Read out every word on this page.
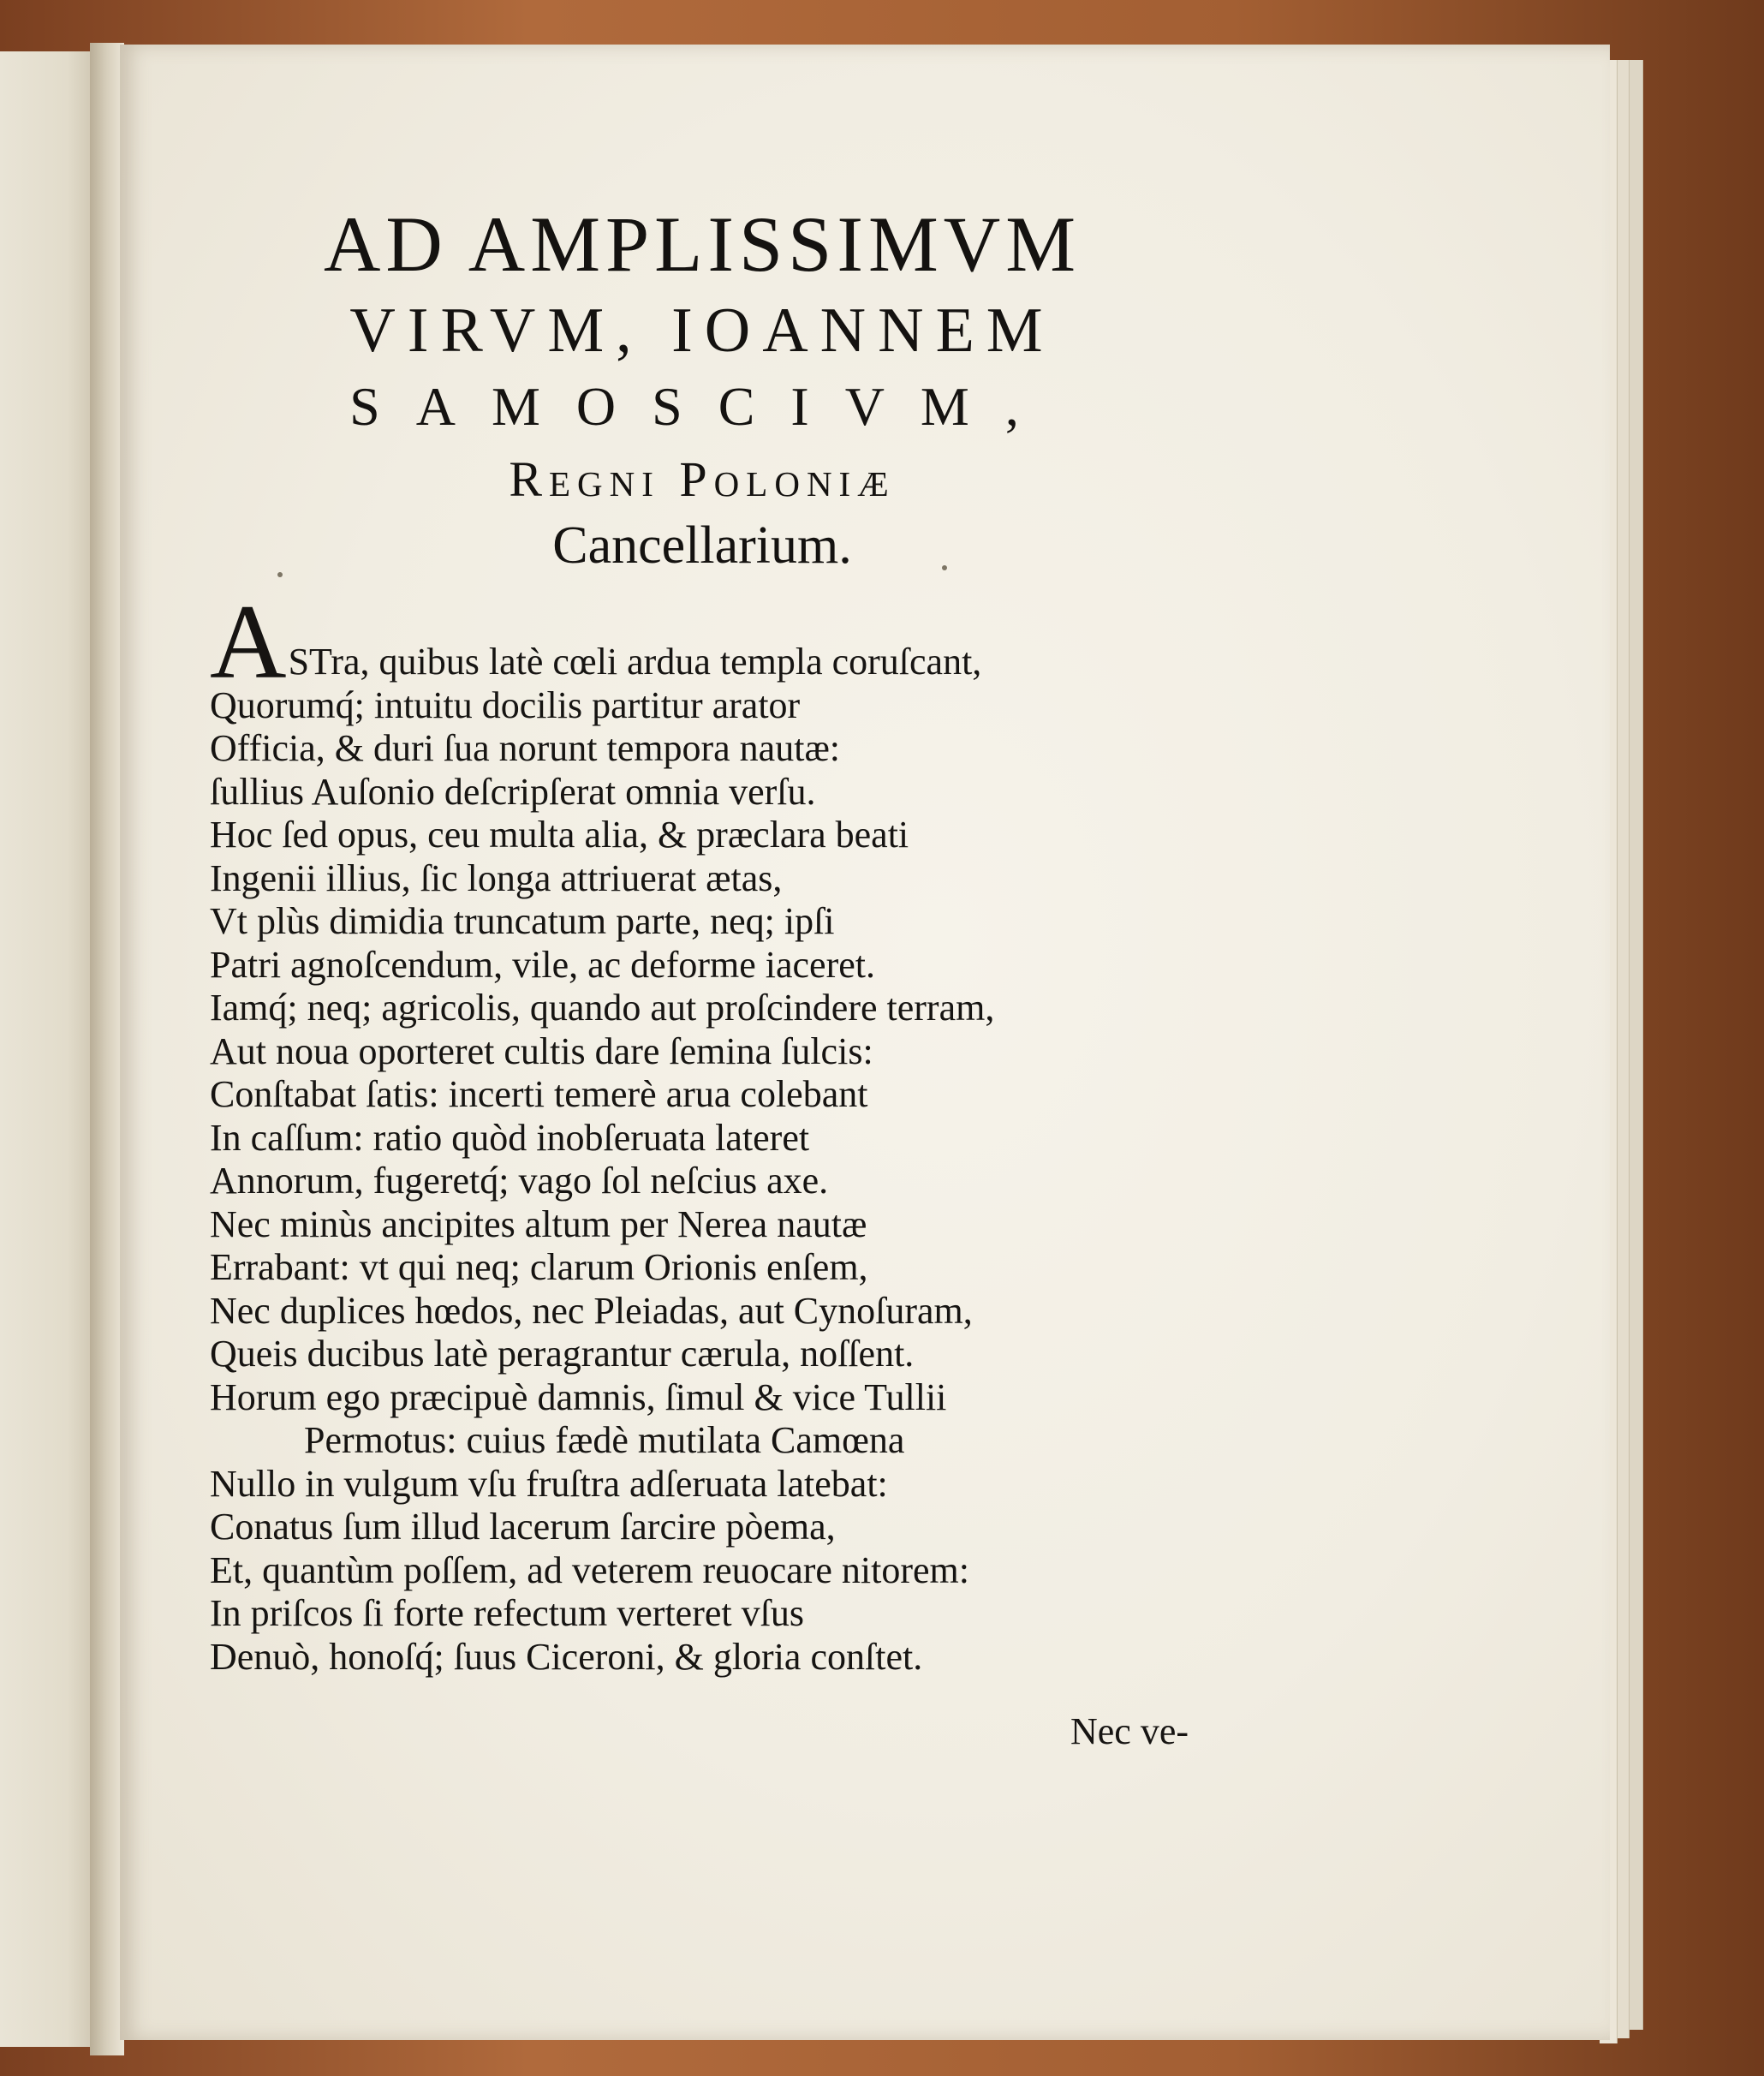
AD AMPLISSIMVM
VIRVM, IOANNEM
SAMOSCIVM,
Regni Poloniæ
Cancellarium.
ASTra, quibus latè cœli ardua templa coruſcant,
Quorumq́; intuitu docilis partitur arator
Officia, & duri ſua norunt tempora nautæ:
ſullius Auſonio deſcripſerat omnia verſu.
Hoc ſed opus, ceu multa alia, & præclara beati
Ingenii illius, ſic longa attriuerat ætas,
Vt plùs dimidia truncatum parte, neq; ipſi
Patri agnoſcendum, vile, ac deforme iaceret.
Iamq́; neq; agricolis, quando aut proſcindere terram,
Aut noua oporteret cultis dare ſemina ſulcis:
Conſtabat ſatis: incerti temerè arua colebant
In caſſum: ratio quòd inobſeruata lateret
Annorum, fugeretq́; vago ſol neſcius axe.
Nec minùs ancipites altum per Nerea nautæ
Errabant: vt qui neq; clarum Orionis enſem,
Nec duplices hœdos, nec Pleiadas, aut Cynoſuram,
Queis ducibus latè peragrantur cærula, noſſent.
Horum ego præcipuè damnis, ſimul & vice Tullii
Permotus: cuius fædè mutilata Camœna
Nullo in vulgum vſu fruſtra adſeruata latebat:
Conatus ſum illud lacerum ſarcire pòema,
Et, quantùm poſſem, ad veterem reuocare nitorem:
In priſcos ſi forte refectum verteret vſus
Denuò, honoſq́; ſuus Ciceroni, & gloria conſtet.
Nec ve-
